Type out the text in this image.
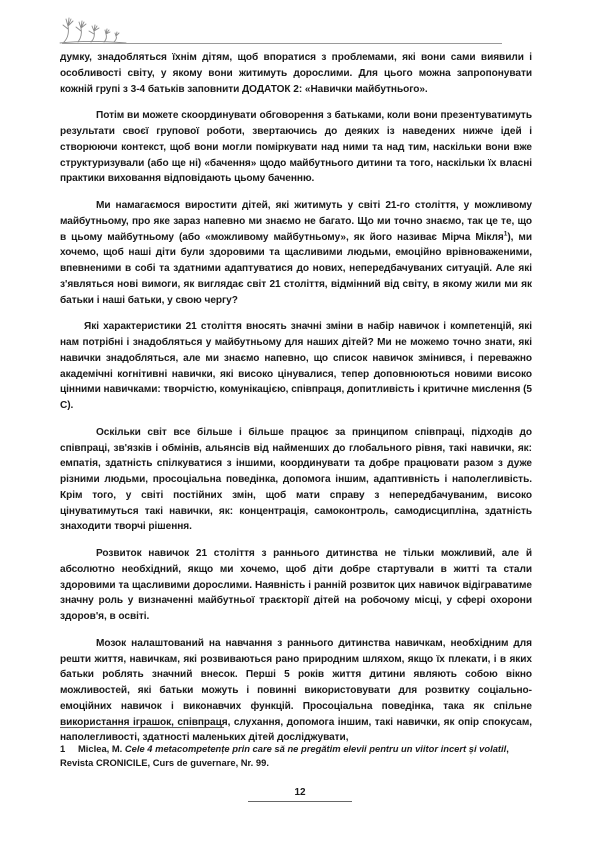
думку, знадобляться їхнім дітям, щоб впоратися з проблемами, які вони сами виявили і особливості світу, у якому вони житимуть дорослими. Для цього можна запропонувати кожній групі з 3-4 батьків заповнити ДОДАТОК 2: «Навички майбутнього».

Потім ви можете скоординувати обговорення з батьками, коли вони презентуватимуть результати своєї групової роботи, звертаючись до деяких із наведених нижче ідей і створюючи контекст, щоб вони могли поміркувати над ними та над тим, наскільки вони вже структуризували (або ще ні) «бачення» щодо майбутнього дитини та того, наскільки їх власні практики виховання відповідають цьому баченню.

Ми намагаємося виростити дітей, які житимуть у світі 21-го століття, у можливому майбутньому, про яке зараз напевно ми знаємо не багато. Що ми точно знаємо, так це те, що в цьому майбутньому (або «можливому майбутньому», як його називає Мірча Мікля$^1$), ми хочемо, щоб наші діти були здоровими та щасливими людьми, емоційно врівноваженими, впевненими в собі та здатними адаптуватися до нових, непередбачуваних ситуацій. Але які з'являться нові вимоги, як виглядає світ 21 століття, відмінний від світу, в якому жили ми як батьки і наші батьки, у свою чергу?

Які характеристики 21 століття вносять значні зміни в набір навичок і компетенцій, які нам потрібні і знадобляться у майбутньому для наших дітей? Ми не можемо точно знати, які навички знадобляться, але ми знаємо напевно, що список навичок змінився, і переважно академічні когнітивні навички, які високо цінувалися, тепер доповнюються новими високо цінними навичками: творчістю, комунікацією, співпраця, допитливість і критичне мислення (5 С).

Оскільки світ все більше і більше працює за принципом співпраці, підходів до співпраці, зв'язків і обмінів, альянсів від найменших до глобального рівня, такі навички, як: емпатія, здатність спілкуватися з іншими, координувати та добре працювати разом з дуже різними людьми, просоціальна поведінка, допомога іншим, адаптивність і наполегливість. Крім того, у світі постійних змін, щоб мати справу з непередбачуваним, високо цінуватимуться такі навички, як: концентрація, самоконтроль, самодисципліна, здатність знаходити творчі рішення.

Розвиток навичок 21 століття з раннього дитинства не тільки можливий, але й абсолютно необхідний, якщо ми хочемо, щоб діти добре стартували в житті та стали здоровими та щасливими дорослими. Наявність і ранній розвиток цих навичок відіграватиме значну роль у визначенні майбутньої траєкторії дітей на робочому місці, у сфері охорони здоров'я, в освіті.

Мозок налаштований на навчання з раннього дитинства навичкам, необхідним для решти життя, навичкам, які розвиваються рано природним шляхом, якщо їх плекати, і в яких батьки роблять значний внесок. Перші 5 років життя дитини являють собою вікно можливостей, які батьки можуть і повинні використовувати для розвитку соціально-емоційних навичок і виконавчих функцій. Просоціальна поведінка, така як спільне використання іграшок, співпраця, слухання, допомога іншим, такі навички, як опір спокусам, наполегливості, здатності маленьких дітей досліджувати,

1 Miclea, M. Cele 4 metacompetențe prin care să ne pregătim elevii pentru un viitor incert și volatil, Revista CRONICILE, Curs de guvernare, Nr. 99.
12
